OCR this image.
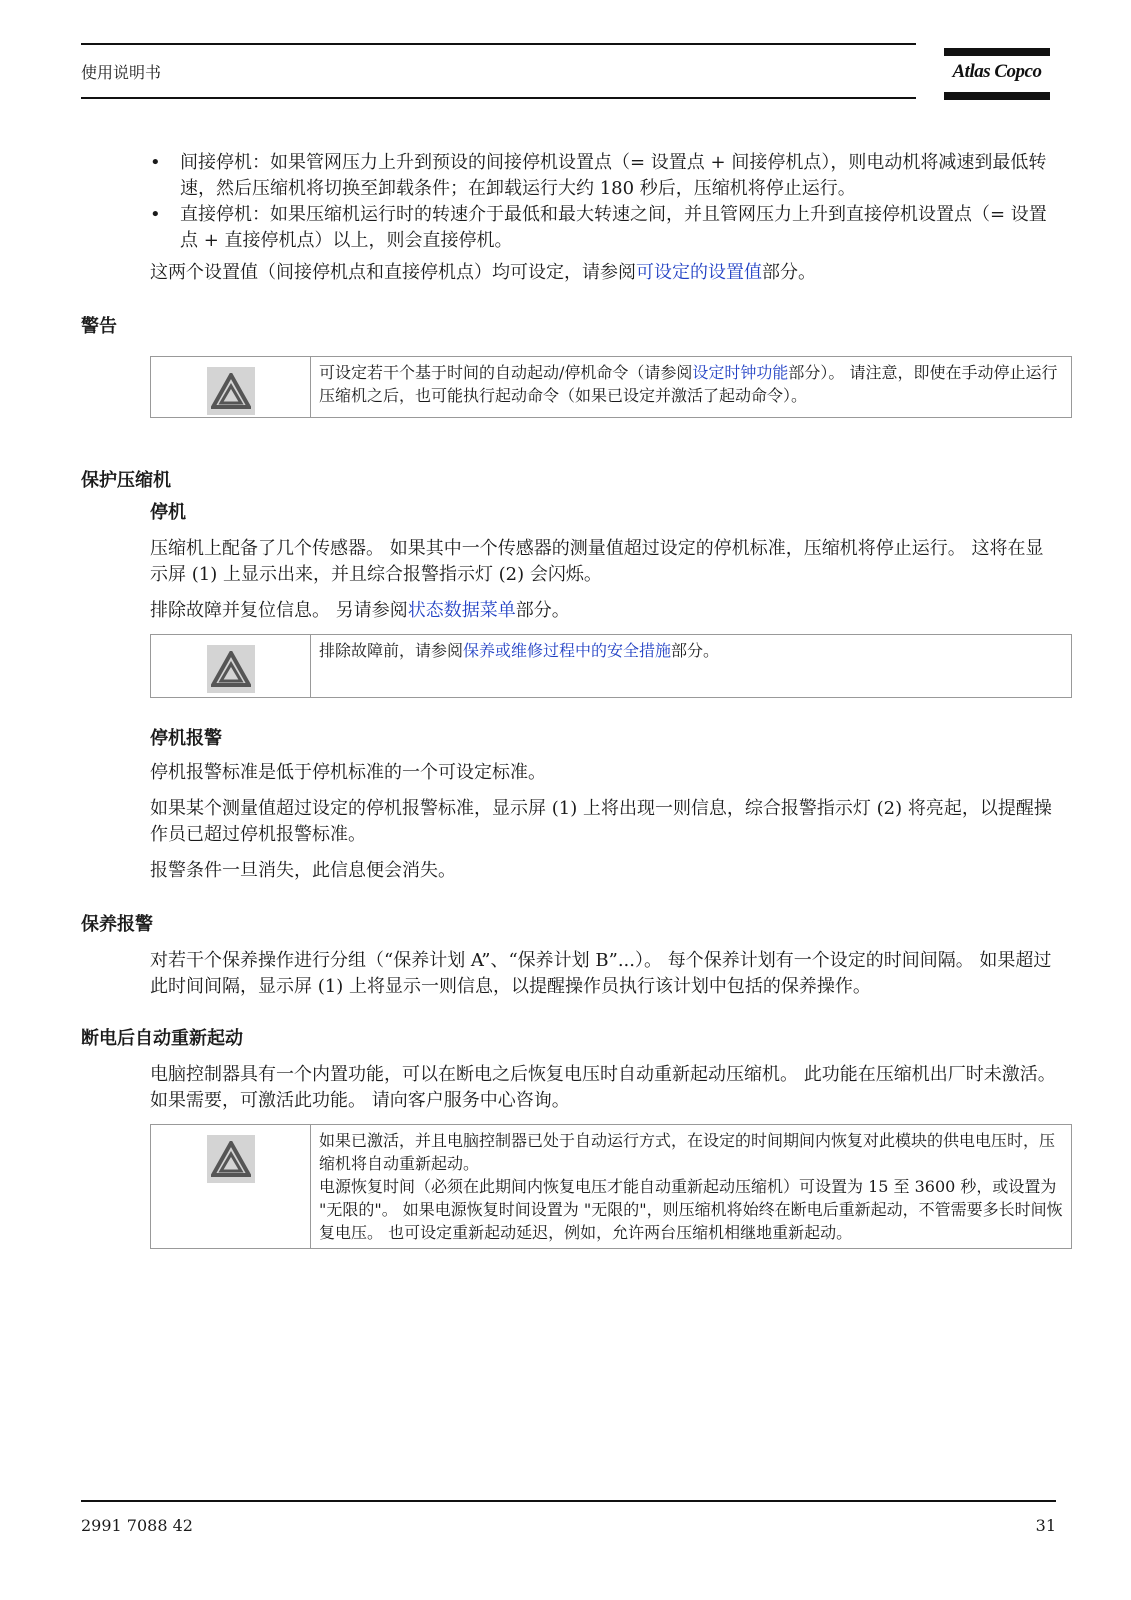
使用说明书	Atlas Copco
• 间接停机：如果管网压力上升到预设的间接停机设置点（= 设置点 + 间接停机点），则电动机将减速到最低转速，然后压缩机将切换至卸载条件；在卸载运行大约 180 秒后，压缩机将停止运行。
• 直接停机：如果压缩机运行时的转速介于最低和最大转速之间，并且管网压力上升到直接停机设置点（= 设置点 + 直接停机点）以上，则会直接停机。

这两个设置值（间接停机点和直接停机点）均可设定，请参阅可设定的设置值部分。

警告
可设定若干个基于时间的自动起动/停机命令（请参阅设定时钟功能部分）。 请注意，即使在手动停止运行压缩机之后，也可能执行起动命令（如果已设定并激活了起动命令）。
保护压缩机
停机

压缩机上配备了几个传感器。 如果其中一个传感器的测量值超过设定的停机标准，压缩机将停止运行。 这将在显示屏 (1) 上显示出来，并且综合报警指示灯 (2) 会闪烁。

排除故障并复位信息。 另请参阅状态数据菜单部分。

排除故障前，请参阅保养或维修过程中的安全措施部分。
停机报警

停机报警标准是低于停机标准的一个可设定标准。

如果某个测量值超过设定的停机报警标准，显示屏 (1) 上将出现一则信息，综合报警指示灯 (2) 将亮起，以提醒操作员已超过停机报警标准。

报警条件一旦消失，此信息便会消失。

保养报警

对若干个保养操作进行分组（“保养计划 A”、“保养计划 B”...）。 每个保养计划有一个设定的时间间隔。 如果超过此时间间隔，显示屏 (1) 上将显示一则信息，以提醒操作员执行该计划中包括的保养操作。

断电后自动重新起动

电脑控制器具有一个内置功能，可以在断电之后恢复电压时自动重新起动压缩机。 此功能在压缩机出厂时未激活。 如果需要，可激活此功能。 请向客户服务中心咨询。

如果已激活，并且电脑控制器已处于自动运行方式，在设定的时间期间内恢复对此模块的供电电压时，压缩机将自动重新起动。
电源恢复时间（必须在此期间内恢复电压才能自动重新起动压缩机）可设置为 15 至 3600 秒，或设置为 "无限的"。 如果电源恢复时间设置为 "无限的"，则压缩机将始终在断电后重新起动，不管需要多长时间恢复电压。 也可设定重新起动延迟，例如，允许两台压缩机相继地重新起动。
2991 7088 42	31
